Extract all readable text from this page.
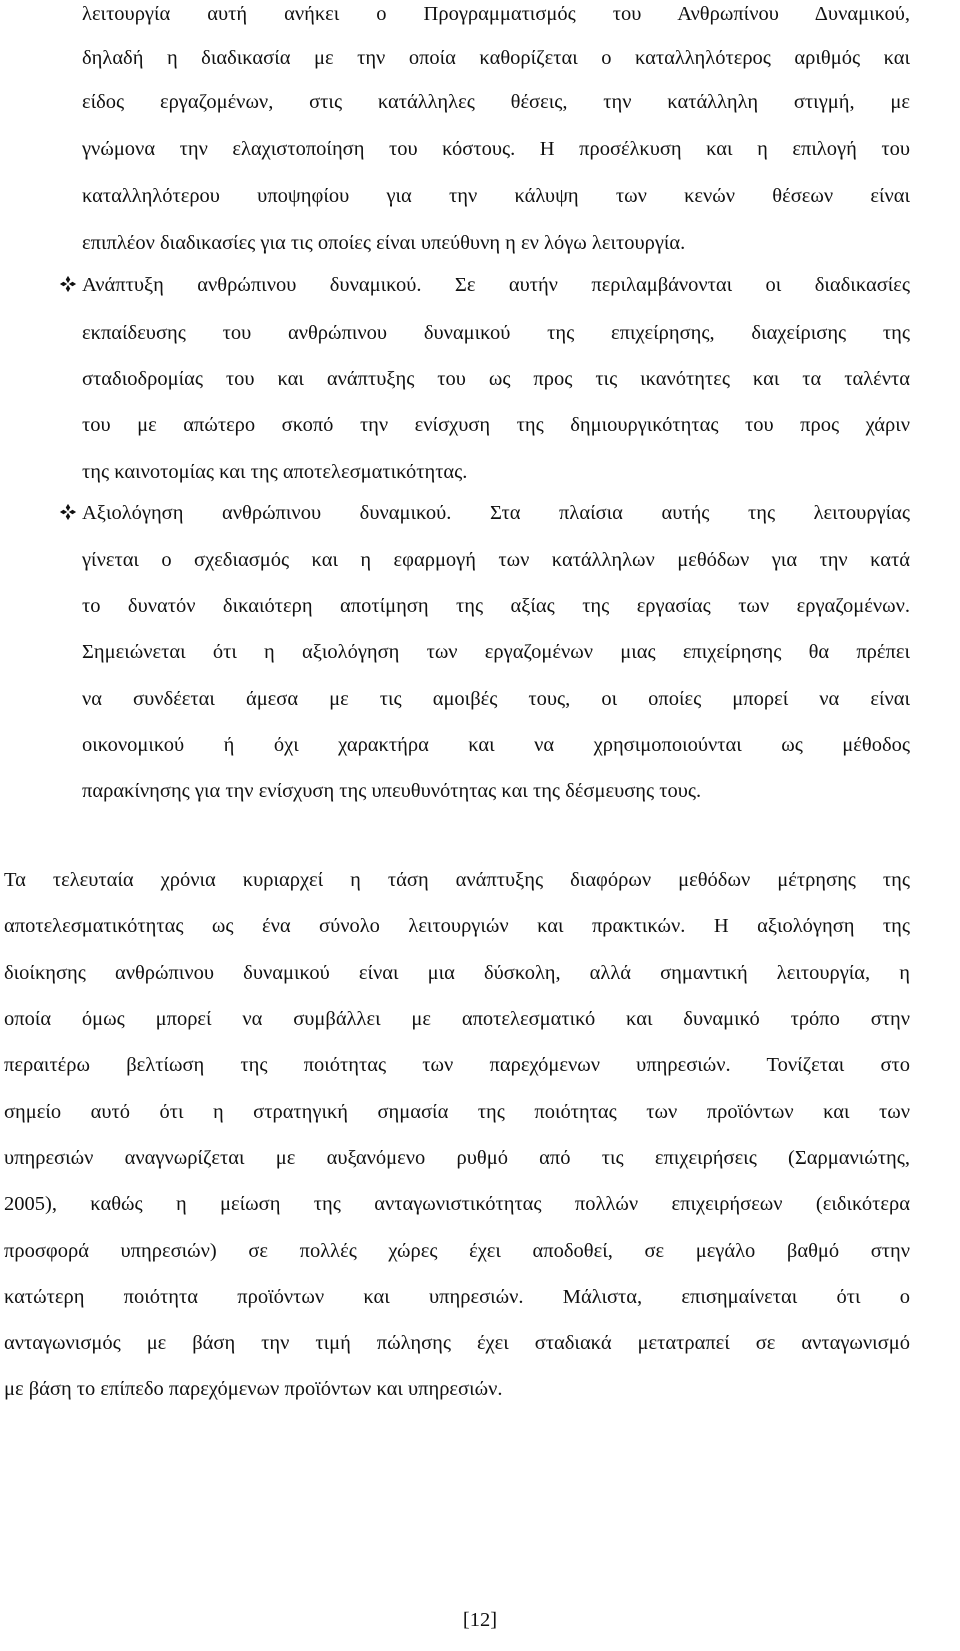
λειτουργία αυτή ανήκει ο Προγραμματισμός του Ανθρωπίνου Δυναμικού,
δηλαδή η διαδικασία με την οποία καθορίζεται ο καταλληλότερος αριθμός και
είδος εργαζομένων, στις κατάλληλες θέσεις, την κατάλληλη στιγμή, με
γνώμονα την ελαχιστοποίηση του κόστους. Η προσέλκυση και η επιλογή του
καταλληλότερου υποψηφίου για την κάλυψη των κενών θέσεων είναι
επιπλέον διαδικασίες για τις οποίες είναι υπεύθυνη η εν λόγω λειτουργία.
Ανάπτυξη ανθρώπινου δυναμικού. Σε αυτήν περιλαμβάνονται οι διαδικασίες
εκπαίδευσης του ανθρώπινου δυναμικού της επιχείρησης, διαχείρισης της
σταδιοδρομίας του και ανάπτυξης του ως προς τις ικανότητες και τα ταλέντα
του με απώτερο σκοπό την ενίσχυση της δημιουργικότητας του προς χάριν
της καινοτομίας και της αποτελεσματικότητας.
Αξιολόγηση ανθρώπινου δυναμικού. Στα πλαίσια αυτής της λειτουργίας
γίνεται ο σχεδιασμός και η εφαρμογή των κατάλληλων μεθόδων για την κατά
το δυνατόν δικαιότερη αποτίμηση της αξίας της εργασίας των εργαζομένων.
Σημειώνεται ότι η αξιολόγηση των εργαζομένων μιας επιχείρησης θα πρέπει
να συνδέεται άμεσα με τις αμοιβές τους, οι οποίες μπορεί να είναι
οικονομικού ή όχι χαρακτήρα και να χρησιμοποιούνται ως μέθοδος
παρακίνησης για την ενίσχυση της υπευθυνότητας και της δέσμευσης τους.
Τα τελευταία χρόνια κυριαρχεί η τάση ανάπτυξης διαφόρων μεθόδων μέτρησης της
αποτελεσματικότητας ως ένα σύνολο λειτουργιών και πρακτικών. Η αξιολόγηση της
διοίκησης ανθρώπινου δυναμικού είναι μια δύσκολη, αλλά σημαντική λειτουργία, η
οποία όμως μπορεί να συμβάλλει με αποτελεσματικό και δυναμικό τρόπο στην
περαιτέρω βελτίωση της ποιότητας των παρεχόμενων υπηρεσιών. Τονίζεται στο
σημείο αυτό ότι η στρατηγική σημασία της ποιότητας των προϊόντων και των
υπηρεσιών αναγνωρίζεται με αυξανόμενο ρυθμό από τις επιχειρήσεις (Σαρμανιώτης,
2005), καθώς η μείωση της ανταγωνιστικότητας πολλών επιχειρήσεων (ειδικότερα
προσφορά υπηρεσιών) σε πολλές χώρες έχει αποδοθεί, σε μεγάλο βαθμό στην
κατώτερη ποιότητα προϊόντων και υπηρεσιών. Μάλιστα, επισημαίνεται ότι ο
ανταγωνισμός με βάση την τιμή πώλησης έχει σταδιακά μετατραπεί σε ανταγωνισμό
με βάση το επίπεδο παρεχόμενων προϊόντων και υπηρεσιών.
[12]
